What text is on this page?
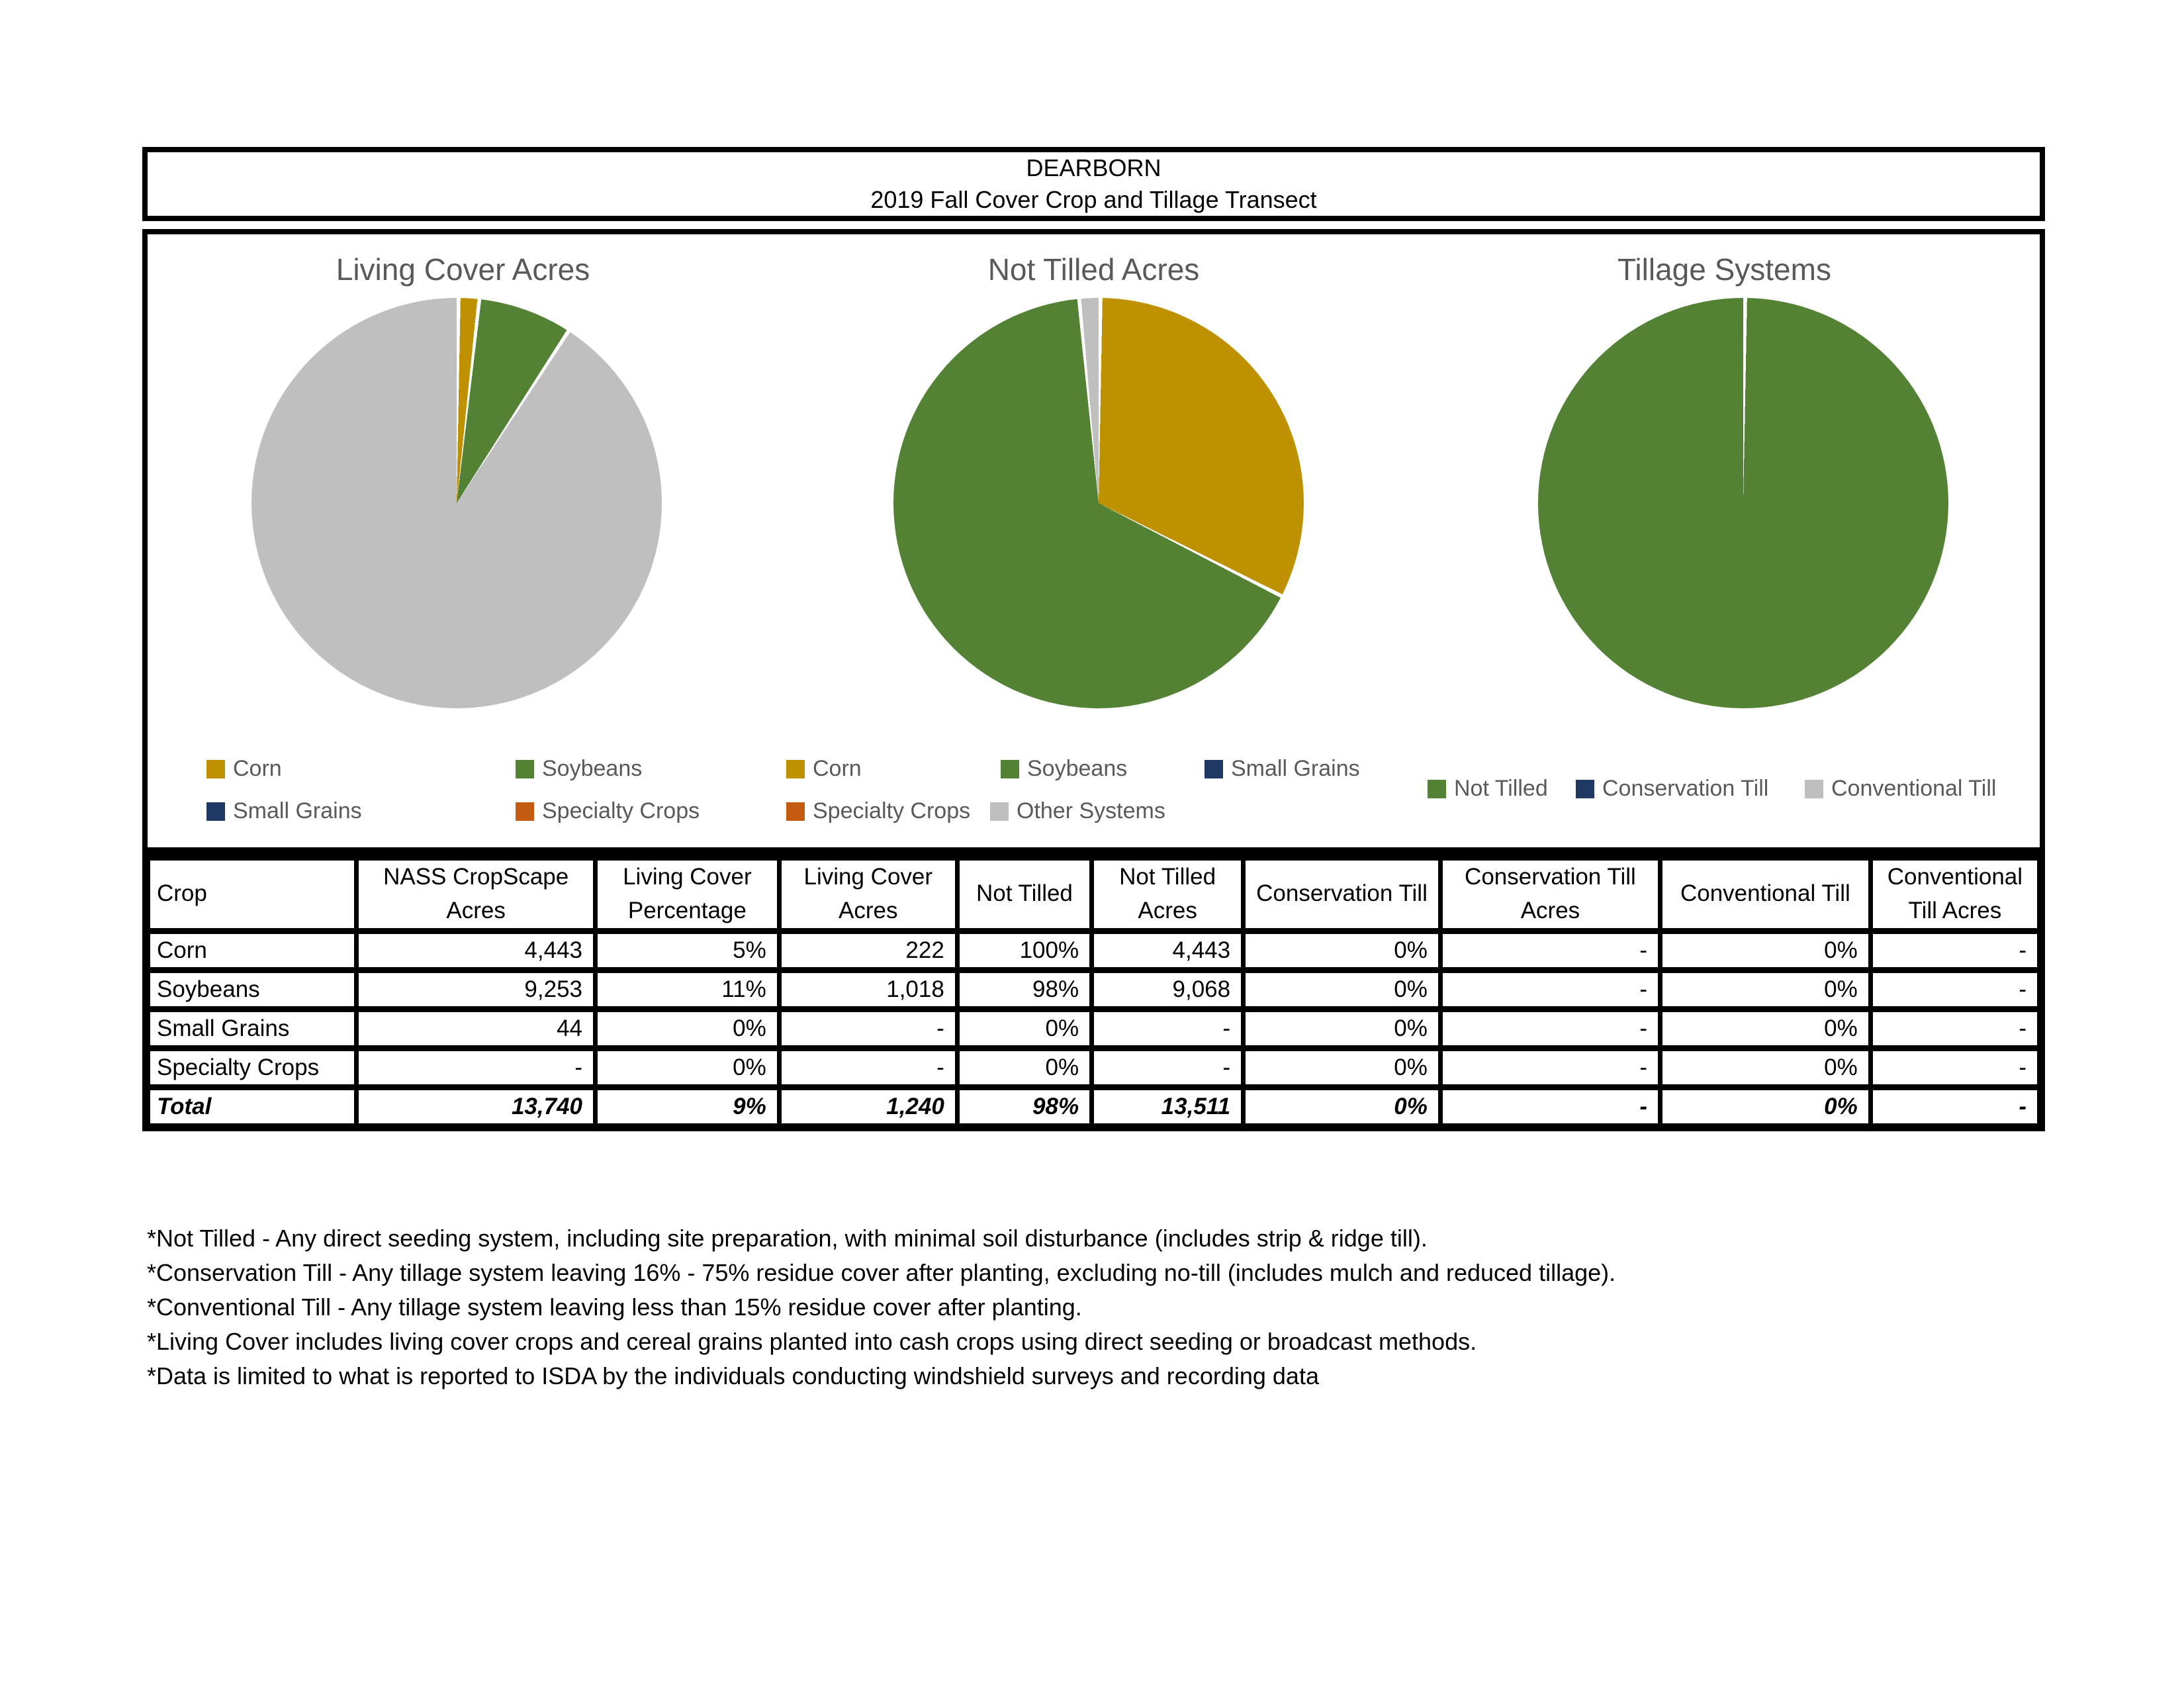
DEARBORN
2019 Fall Cover Crop and Tillage Transect
Living Cover Acres
Corn	Soybeans
Small Grains	Specialty Crops
Not Tilled Acres
Corn	Soybeans	Small Grains
Specialty Crops Other Systems
Tillage Systems
Not Tilled Conservation Till	Conventional Till
Crop	NASS CropScape Acres	Living Cover Percentage	Living Cover Acres	Not Tilled	Not Tilled Acres	Conservation Till	Conservation Till Acres	Conventional Till	Conventional Till Acres
Corn	4,443	5%	222	100%	4,443	0%	-	0%	-
Soybeans	9,253	11%	1,018	98%	9,068	0%	-	0%	-
Small Grains	44	0%	-	0%	-	0%	-	0%	-
Specialty Crops	-	0%	-	0%	-	0%	-	0%	-
Total	13,740	9%	1,240	98%	13,511	0%	-	0%	-
*Not Tilled - Any direct seeding system, including site preparation, with minimal soil disturbance (includes strip & ridge till).
*Conservation Till - Any tillage system leaving 16% - 75% residue cover after planting, excluding no-till (includes mulch and reduced tillage).
*Conventional Till - Any tillage system leaving less than 15% residue cover after planting.
*Living Cover includes living cover crops and cereal grains planted into cash crops using direct seeding or broadcast methods.
*Data is limited to what is reported to ISDA by the individuals conducting windshield surveys and recording data
